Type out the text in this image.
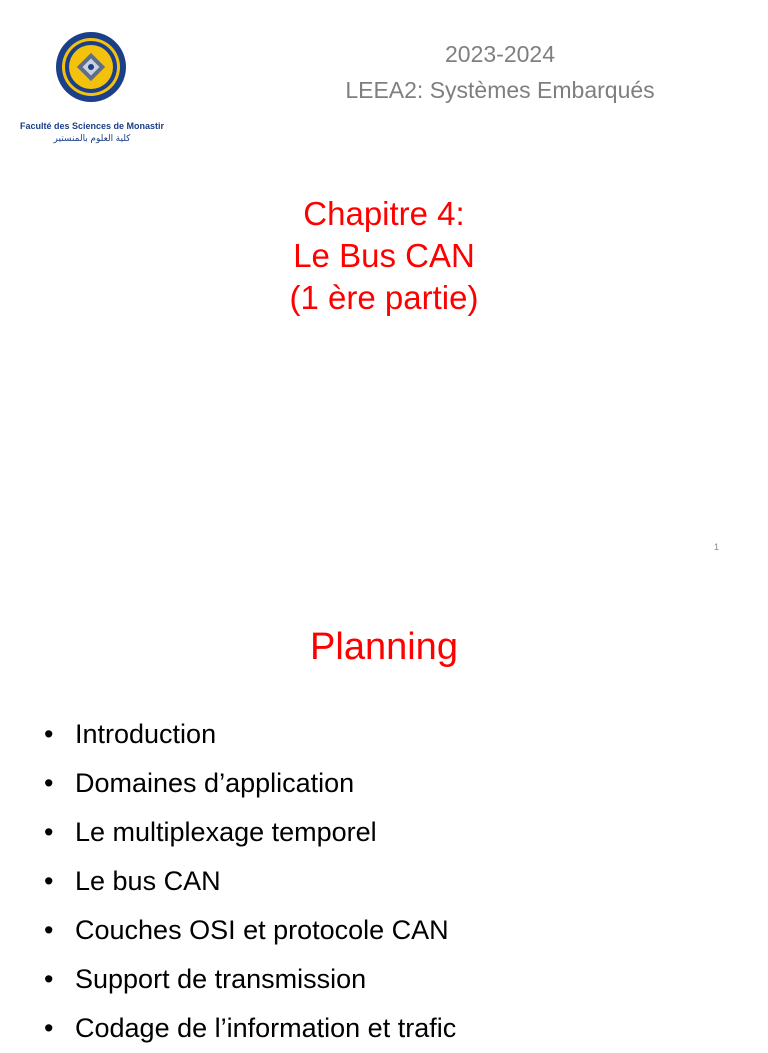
Faculté des Sciences de Monastir
كلية العلوم بالمنستير
2023-2024
LEEA2: Systèmes Embarqués
Chapitre 4:
Le Bus CAN
(1 ère partie)
1
Planning
• Introduction
• Domaines d’application
• Le multiplexage temporel
• Le bus CAN
• Couches OSI et protocole CAN
• Support de transmission
• Codage de l’information et trafic
